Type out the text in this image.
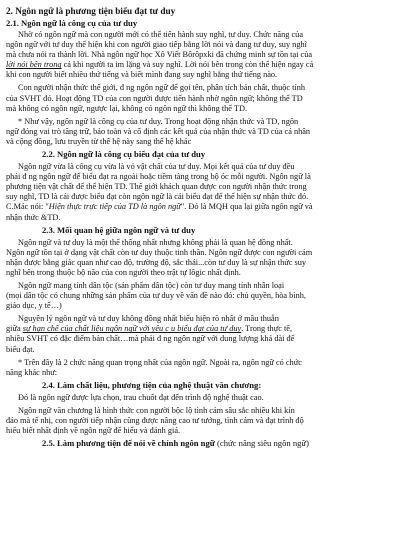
2. Ngôn ngữ là phương tiện biểu đạt tư duy

2.1. Ngôn ngữ là công cụ của tư duy

Nhờ có ngôn ngữ mà con người mới có thể tiến hành suy nghĩ, tư duy. Chức năng của

ngôn ngữ với tư duy thể hiện khi con người giao tiếp bằng lời nói và đang tư duy, suy nghĩ

mà chưa nói ra thành lời. Nhà ngôn ngữ học Xô Viết Bôrôpxki đã chứng minh sự tồn tại của

lời nói bên trong cả khi người ta im lặng và suy nghĩ. Lời nói bên trong còn thể hiện ngay cả

khi con người biết nhiều thứ tiếng và biết mình đang suy nghĩ bằng thứ tiếng nào.

Con người nhận thức thế giới, đ ng ngôn ngữ để gọi tên, phân tích bản chất, thuộc tính

của SVHT đó. Hoạt động TD của con người được tiến hành nhờ ngôn ngữ; không thể TD

mà không có ngôn ngữ, ngược lại, không có ngôn ngữ thì không thể TD.

* Như vậy, ngôn ngữ là công cụ của tư duy. Trong hoạt động nhận thức và TD, ngôn

ngữ đóng vai trò tăng trữ, bảo toàn và cố định các kết quả của nhận thức và TD của cá nhân

và cộng đồng, lưu truyền từ thế hệ này sang thế hệ khác

2.2. Ngôn ngữ là công cụ biểu đạt của tư duy

Ngôn ngữ vừa là công cụ vừa là vỏ vật chất của tư duy. Mọi kết quả của tư duy đều

phải đ ng ngôn ngữ để biểu đạt ra ngoài hoặc tiềm tàng trong bộ óc mỗi người. Ngôn ngữ là

phương tiện vật chất để thể hiện TD. Thế giới khách quan được con người nhận thức trong

suy nghĩ, TD là cái được biểu đạt còn ngôn ngữ là cái biểu đạt để thể hiện sự nhận thức đó.

C.Mác nói: "Hiện thực trực tiếp của TD là ngôn ngữ". Đó là MQH qua lại giữa ngôn ngữ và

nhận thức &TD.

2.3. Mối quan hệ giữa ngôn ngữ và tư duy

Ngôn ngữ và tư duy là một thể thống nhất nhưng không phải là quan hệ đồng nhất.

Ngôn ngữ tồn tại ở dạng vật chất còn tư duy thuộc tinh thần. Ngôn ngữ được con người cảm

nhận được bằng giác quan như cao độ, trường độ, sắc thái...còn tư duy là sự nhận thức suy

nghĩ bên trong thuộc bộ não của con người theo trật tự lôgic nhất định.

Ngôn ngữ mang tính dân tộc (sản phẩm dân tộc) còn tư duy mang tính nhân loại

(mọi dân tộc có chung những sản phẩm của tư duy về vấn đề nào đó: chủ quyền, hòa bình,

giáo dục, y tế…)

Nguyên lý ngôn ngữ và tư duy không đồng nhất biểu hiện rõ nhất ở mâu thuẫn

giữa sự hạn chế của chất liệu ngôn ngữ với yêu c u biểu đạt của tư duy. Trong thực tế,

nhiều SVHT có đặc điểm bản chất…mà phải đ ng ngôn ngữ với dung lượng khá dài để

biểu đạt.

* Trên đây là 2 chức năng quan trọng nhất của ngôn ngữ. Ngoài ra, ngôn ngữ có chức

năng khác như:

2.4. Làm chất liệu, phương tiện của nghệ thuật văn chương:

Đó là ngôn ngữ được lựa chọn, trau chuốt đạt đến trình độ nghệ thuật cao.

Ngôn ngữ văn chương là hình thức con người bộc lộ tình cảm sâu sắc nhiều khi kín

đáo mà tế nhị, con người tiếp nhận cũng được nâng cao tư tưởng, tình cảm và đạt trình độ

hiểu biết nhất định về ngôn ngữ để hiểu và đánh giá.

2.5. Làm phương tiện để nói về chính ngôn ngữ (chức năng siêu ngôn ngữ)
